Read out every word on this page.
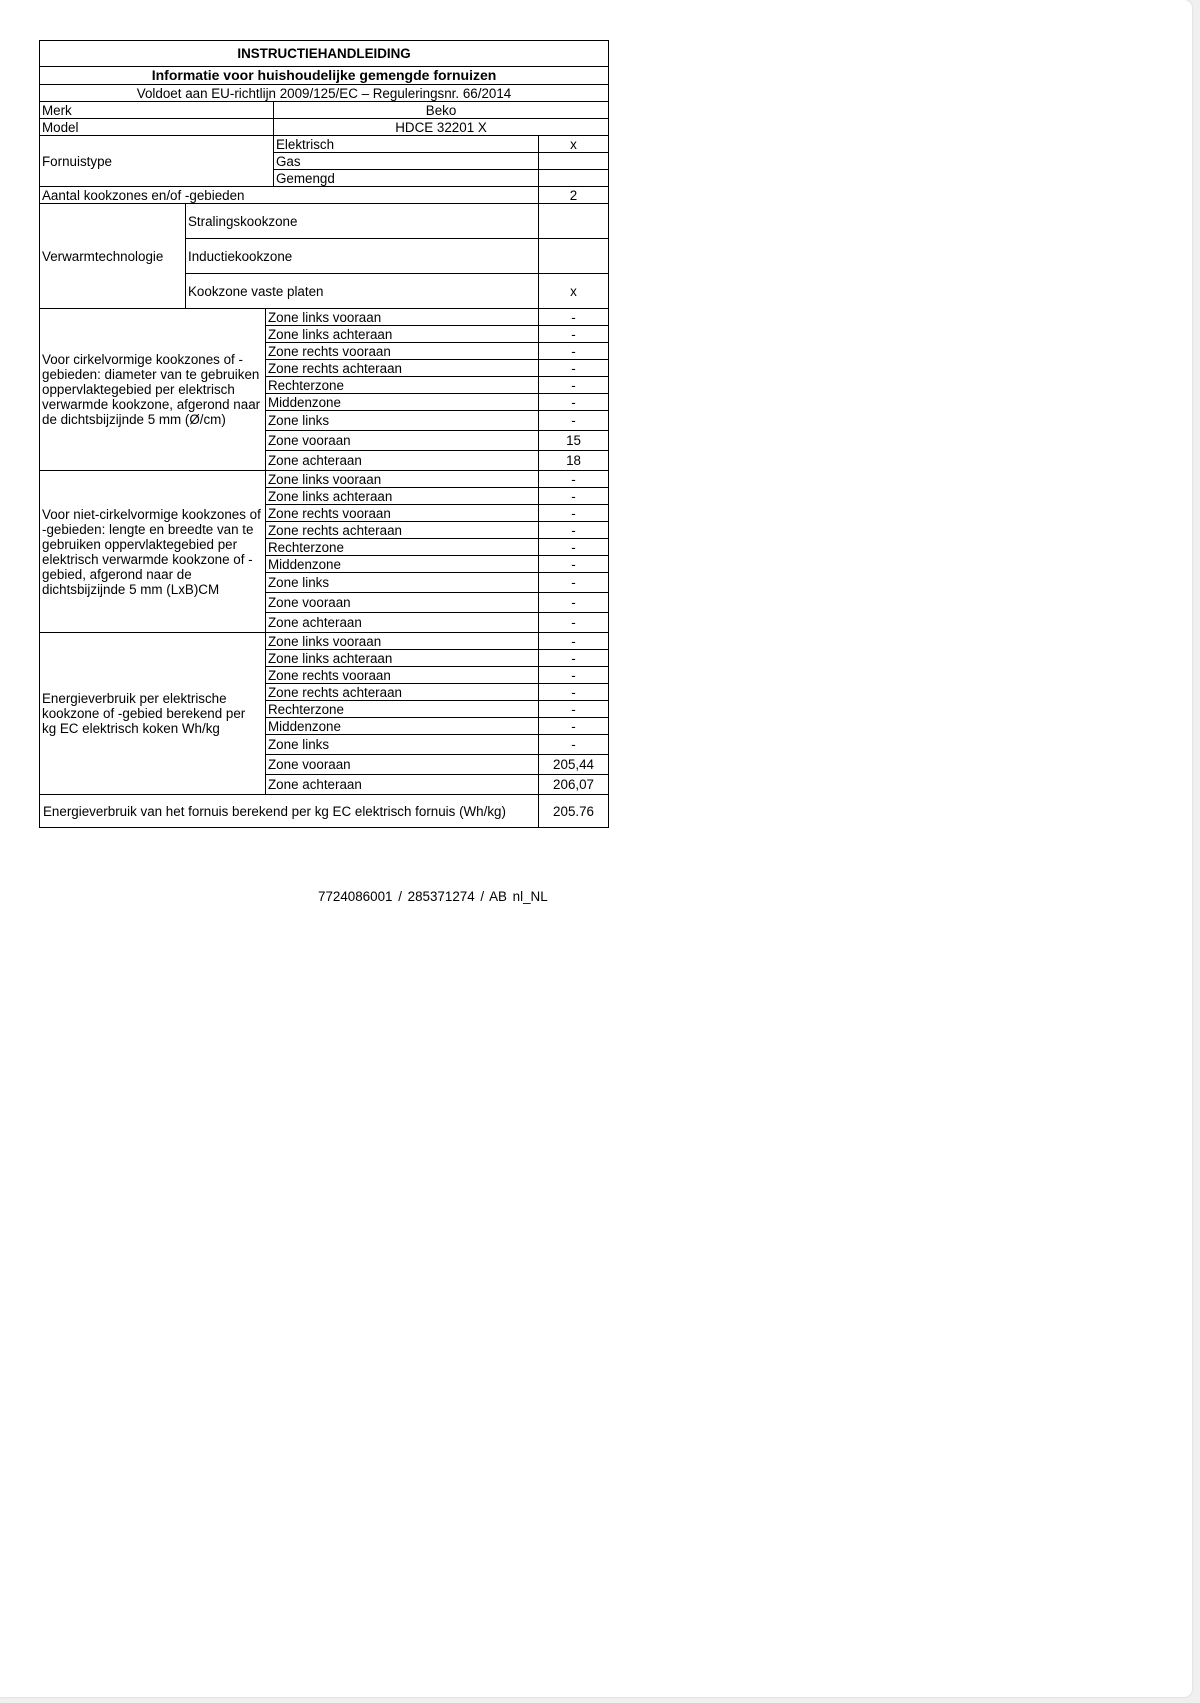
INSTRUCTIEHANDLEIDING				
Informatie voor huishoudelijke gemengde fornuizen				
Voldoet aan EU-richtlijn 2009/125/EC – Reguleringsnr. 66/2014				
Merk			Beko	
Model			HDCE 32201 X	
Fornuistype			Elektrisch	x
			Gas	
			Gemengd	
Aantal kookzones en/of -gebieden				2
Verwarmtechnologie	Stralingskookzone			
	Inductiekookzone			
	Kookzone vaste platen			x
Voor cirkelvormige kookzones of -gebieden: diameter van te gebruiken oppervlaktegebied per elektrisch verwarmde kookzone, afgerond naar de dichtsbijzijnde 5 mm (Ø/cm)		Zone links vooraan		-
		Zone links achteraan		-
		Zone rechts vooraan		-
		Zone rechts achteraan		-
		Rechterzone		-
		Middenzone		-
		Zone links		-
		Zone vooraan		15
		Zone achteraan		18
Voor niet-cirkelvormige kookzones of -gebieden: lengte en breedte van te gebruiken oppervlaktegebied per elektrisch verwarmde kookzone of -gebied, afgerond naar de dichtsbijzijnde 5 mm (LxB)CM		Zone links vooraan		-
		Zone links achteraan		-
		Zone rechts vooraan		-
		Zone rechts achteraan		-
		Rechterzone		-
		Middenzone		-
		Zone links		-
		Zone vooraan		-
		Zone achteraan		-
Energieverbruik per elektrische kookzone of -gebied berekend per kg EC elektrisch koken Wh/kg		Zone links vooraan		-
		Zone links achteraan		-
		Zone rechts vooraan		-
		Zone rechts achteraan		-
		Rechterzone		-
		Middenzone		-
		Zone links		-
		Zone vooraan		205,44
		Zone achteraan		206,07
Energieverbruik van het fornuis berekend per kg EC elektrisch fornuis (Wh/kg)				205.76
7724086001 / 285371274 / AB nl_NL
